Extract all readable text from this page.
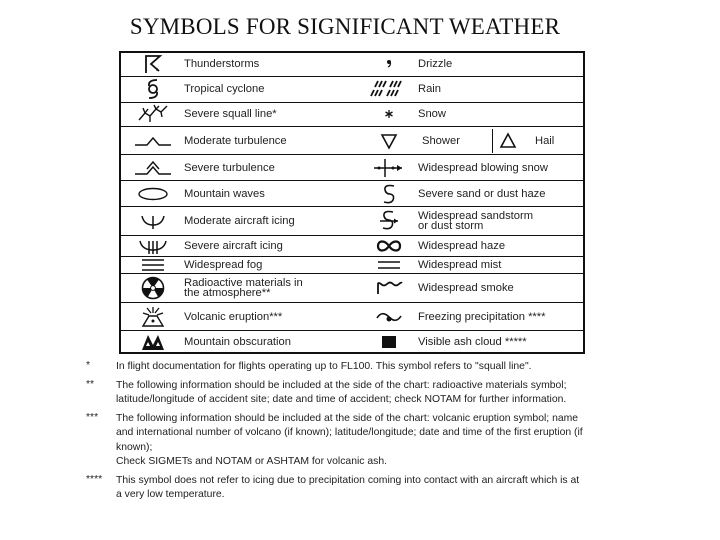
SYMBOLS FOR SIGNIFICANT WEATHER
	Thunderstorms		Drizzle

	Tropical cyclone		Rain

	Severe squall line*		Snow

	Moderate turbulence		Shower Hail

	Severe turbulence		Widespread blowing snow

	Mountain waves		Severe sand or dust haze

	Moderate aircraft icing		Widespread sandstorm
or dust storm

	Severe aircraft icing		Widespread haze

	Widespread fog		Widespread mist

Radioactive materials in
the atmosphere**		Widespread smoke

	Volcanic eruption***		Freezing precipitation ****

	Mountain obscuration		Visible ash cloud *****
*	In flight documentation for flights operating up to FL100. This symbol refers to "squall line".
**	The following information should be included at the side of the chart: radioactive materials symbol; latitude/longitude of accident site; date and time of accident; check NOTAM for further information.
***	The following information should be included at the side of the chart: volcanic eruption symbol; name and international number of volcano (if known); latitude/longitude; date and time of the first eruption (if known);
Check SIGMETs and NOTAM or ASHTAM for volcanic ash.
****	This symbol does not refer to icing due to precipitation coming into contact with an aircraft which is at a very low temperature.
